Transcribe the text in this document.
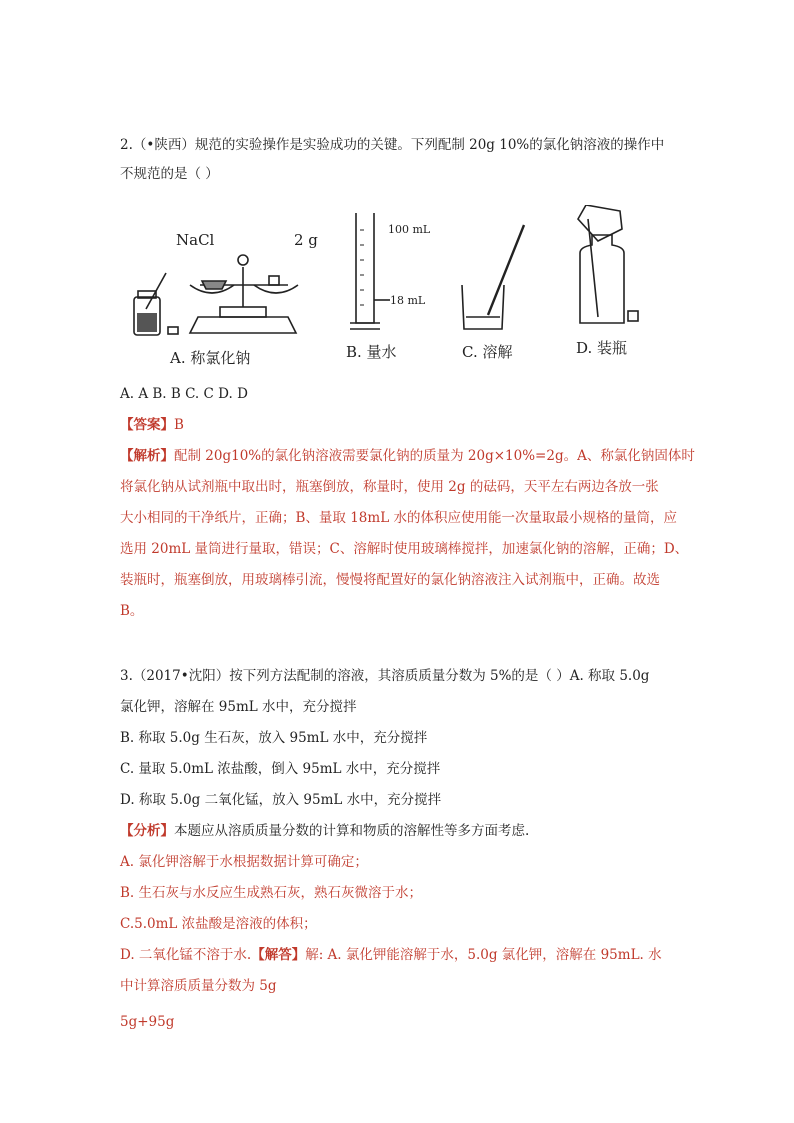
2.（•陕西）规范的实验操作是实验成功的关键。下列配制 20g 10%的氯化钠溶液的操作中
不规范的是（ ）
NaCl	2 g
100 mL
18 mL
A. 称氯化钠	B. 量水	C. 溶解	D. 装瓶
A. A B. B C. C D. D
【答案】B
【解析】配制 20g10%的氯化钠溶液需要氯化钠的质量为 20g×10%=2g。A、称氯化钠固体时
将氯化钠从试剂瓶中取出时，瓶塞倒放，称量时，使用 2g 的砝码，天平左右两边各放一张
大小相同的干净纸片，正确；B、量取 18mL 水的体积应使用能一次量取最小规格的量筒，应
选用 20mL 量筒进行量取，错误；C、溶解时使用玻璃棒搅拌，加速氯化钠的溶解，正确；D、
装瓶时，瓶塞倒放，用玻璃棒引流，慢慢将配置好的氯化钠溶液注入试剂瓶中，正确。故选
B。
3.（2017•沈阳）按下列方法配制的溶液，其溶质质量分数为 5%的是（ ）A. 称取 5.0g
氯化钾，溶解在 95mL 水中，充分搅拌
B. 称取 5.0g 生石灰，放入 95mL 水中，充分搅拌
C. 量取 5.0mL 浓盐酸，倒入 95mL 水中，充分搅拌
D. 称取 5.0g 二氧化锰，放入 95mL 水中，充分搅拌
【分析】本题应从溶质质量分数的计算和物质的溶解性等多方面考虑.
A. 氯化钾溶解于水根据数据计算可确定；
B. 生石灰与水反应生成熟石灰，熟石灰微溶于水；
C.5.0mL 浓盐酸是溶液的体积；
D. 二氧化锰不溶于水.【解答】解: A. 氯化钾能溶解于水，5.0g 氯化钾，溶解在 95mL. 水
中计算溶质质量分数为 5g
5g+95g
